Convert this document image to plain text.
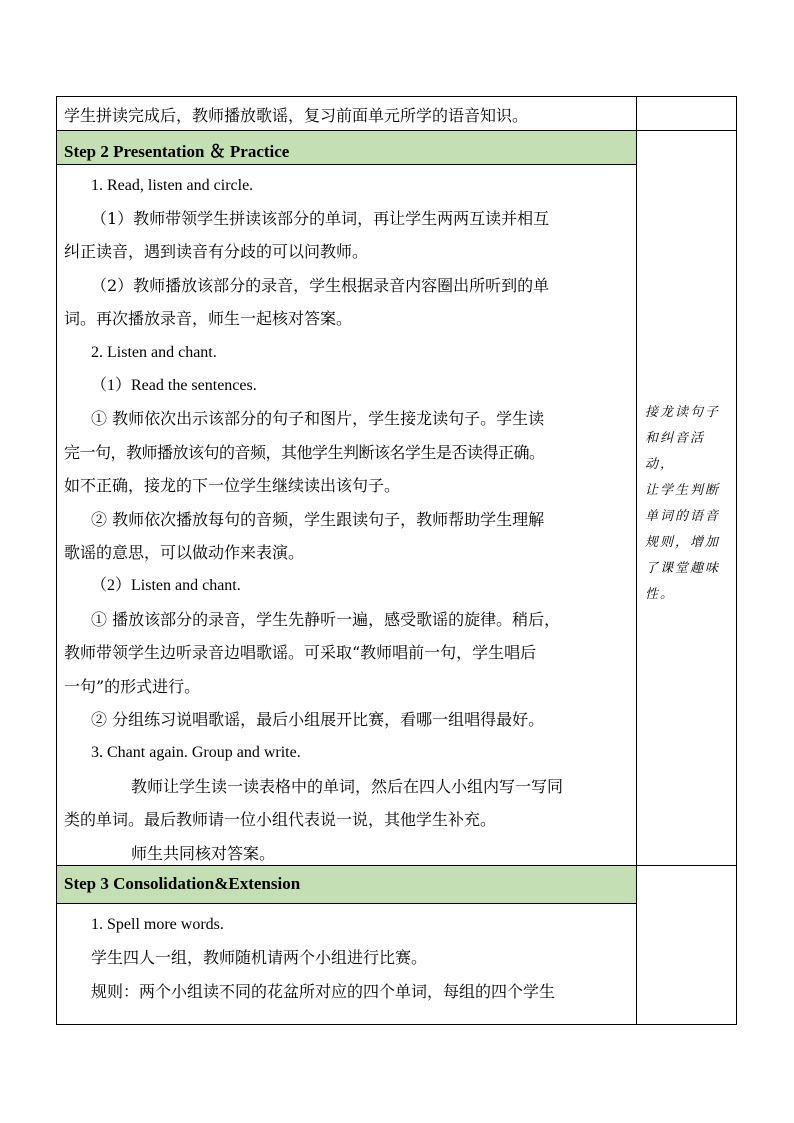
学生拼读完成后，教师播放歌谣，复习前面单元所学的语音知识。
Step 2 Presentation ＆ Practice
1. Read, listen and circle.
（1）教师带领学生拼读该部分的单词，再让学生两两互读并相互
纠正读音，遇到读音有分歧的可以问教师。
（2）教师播放该部分的录音，学生根据录音内容圈出所听到的单
词。再次播放录音，师生一起核对答案。
2. Listen and chant.
（1）Read the sentences.
① 教师依次出示该部分的句子和图片，学生接龙读句子。学生读
完一句，教师播放该句的音频，其他学生判断该名学生是否读得正确。
如不正确，接龙的下一位学生继续读出该句子。
② 教师依次播放每句的音频，学生跟读句子，教师帮助学生理解
歌谣的意思，可以做动作来表演。
（2）Listen and chant.
① 播放该部分的录音，学生先静听一遍，感受歌谣的旋律。稍后，
教师带领学生边听录音边唱歌谣。可采取“教师唱前一句，学生唱后
一句”的形式进行。
② 分组练习说唱歌谣，最后小组展开比赛，看哪一组唱得最好。
3. Chant again. Group and write.
教师让学生读一读表格中的单词，然后在四人小组内写一写同
类的单词。最后教师请一位小组代表说一说，其他学生补充。
师生共同核对答案。
接龙读句子
和纠音活动，
让学生判断
单词的语音
规则，增加
了课堂趣味
性。
Step 3 Consolidation&Extension
1. Spell more words.
学生四人一组，教师随机请两个小组进行比赛。
规则：两个小组读不同的花盆所对应的四个单词，每组的四个学生
